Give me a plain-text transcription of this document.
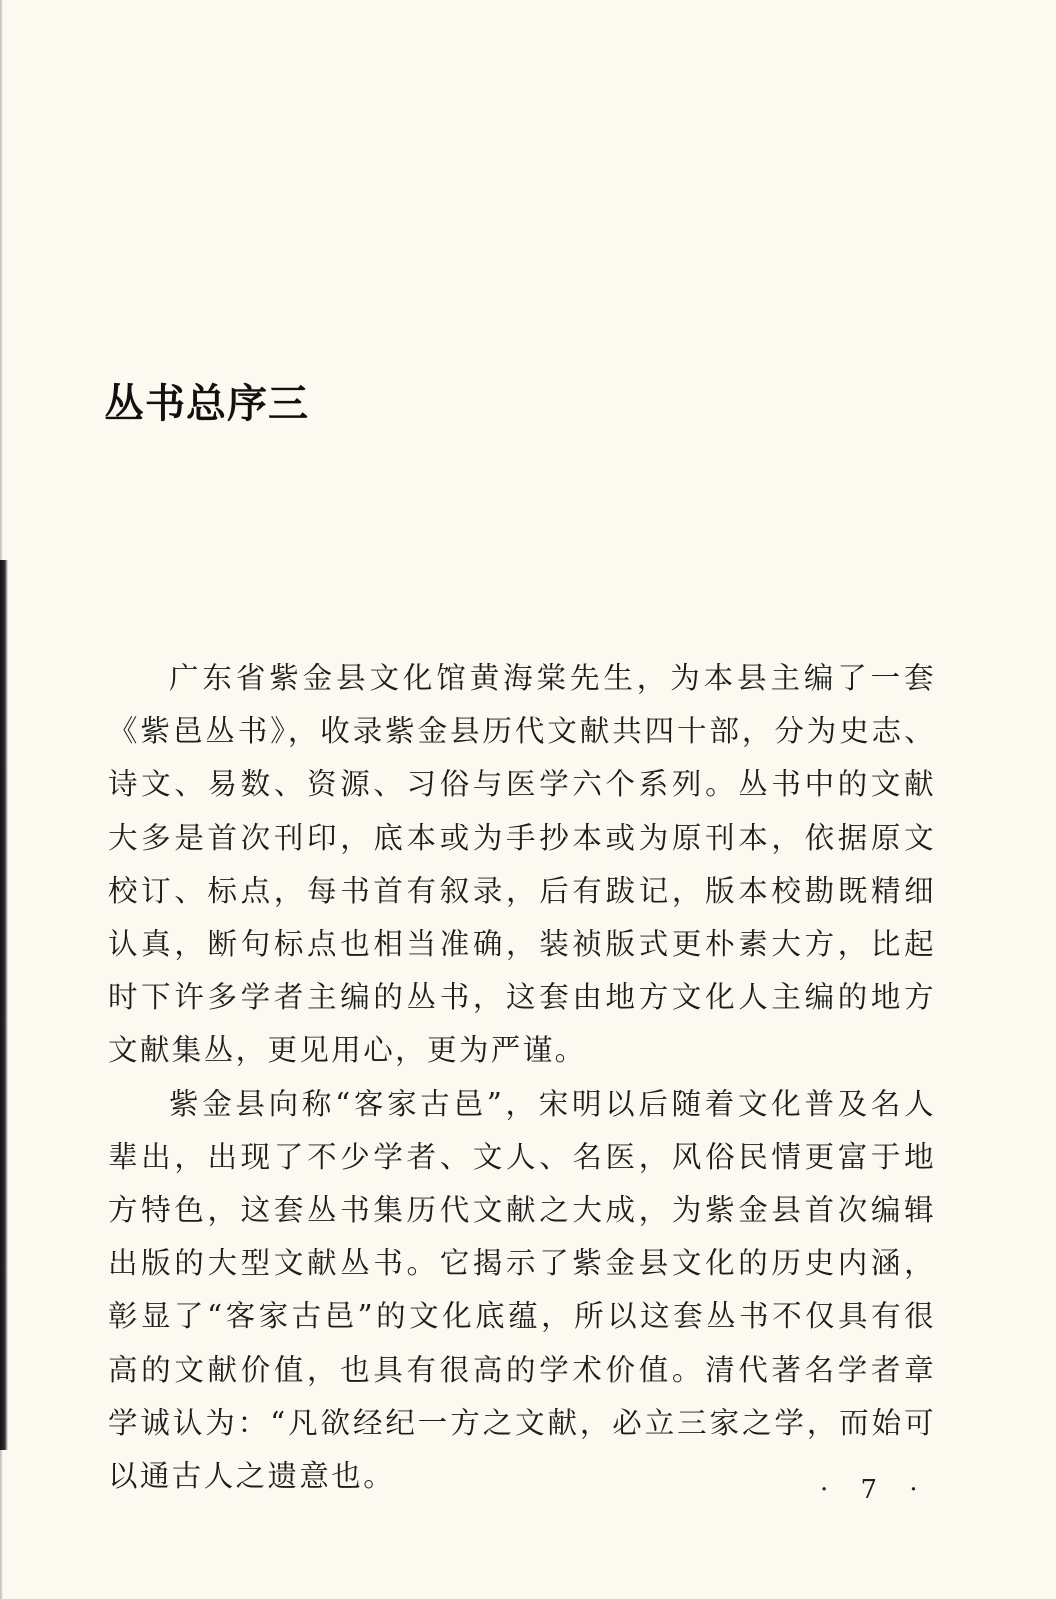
丛书总序三

广东省紫金县文化馆黄海棠先生，为本县主编了一套《紫邑丛书》，收录紫金县历代文献共四十部，分为史志、诗文、易数、资源、习俗与医学六个系列。丛书中的文献大多是首次刊印，底本或为手抄本或为原刊本，依据原文校订、标点，每书首有叙录，后有跋记，版本校勘既精细认真，断句标点也相当准确，装祯版式更朴素大方，比起时下许多学者主编的丛书，这套由地方文化人主编的地方文献集丛，更见用心，更为严谨。

紫金县向称“客家古邑”，宋明以后随着文化普及名人辈出，出现了不少学者、文人、名医，风俗民情更富于地方特色，这套丛书集历代文献之大成，为紫金县首次编辑出版的大型文献丛书。它揭示了紫金县文化的历史内涵，彰显了“客家古邑”的文化底蕴，所以这套丛书不仅具有很高的文献价值，也具有很高的学术价值。清代著名学者章学诚认为：“凡欲经纪一方之文献，必立三家之学，而始可以通古人之遗意也。	· 7 ·
